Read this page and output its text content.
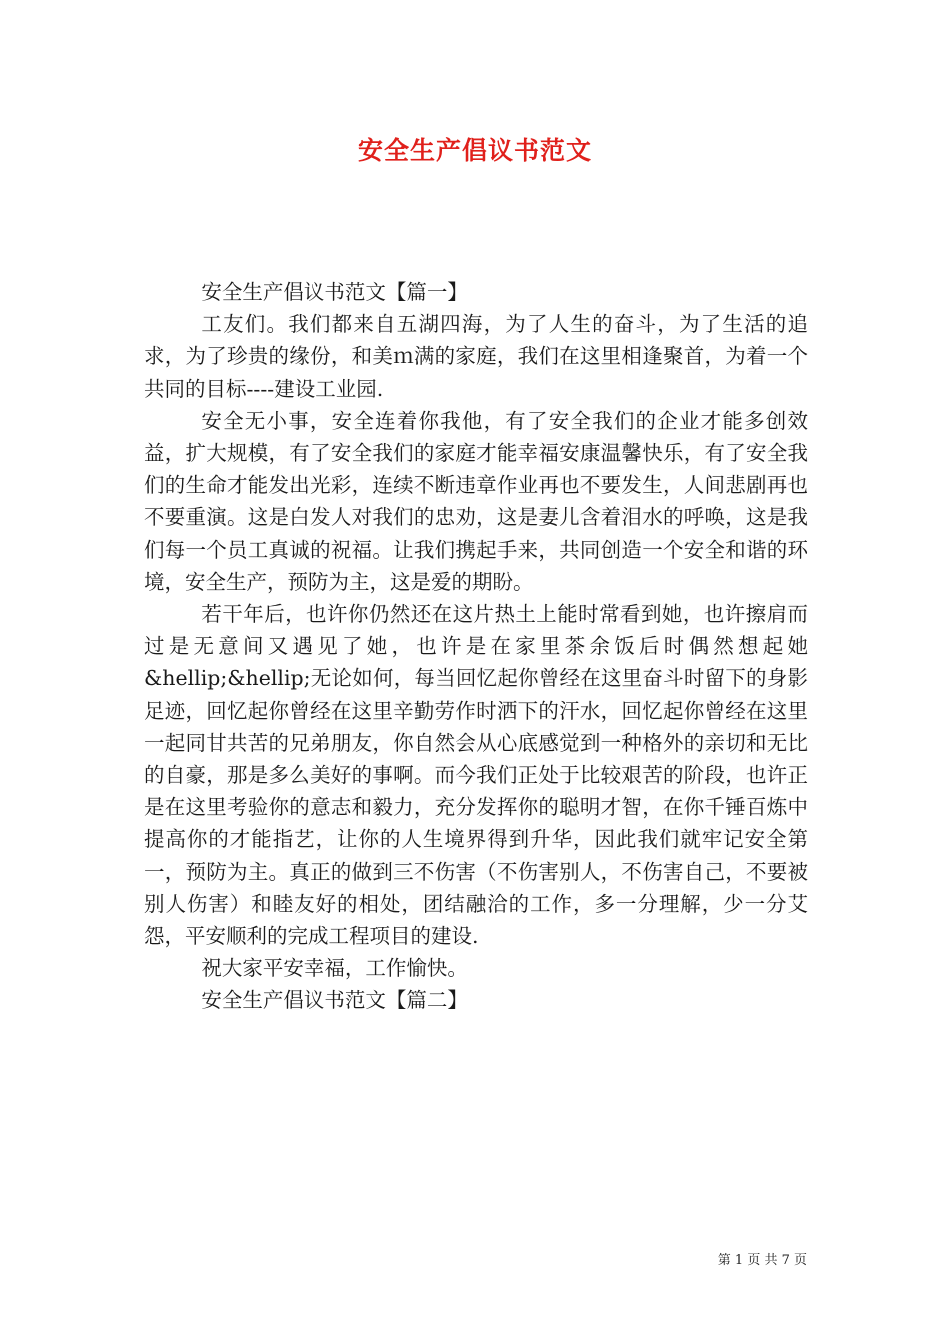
安全生产倡议书范文

安全生产倡议书范文【篇一】

工友们。我们都来自五湖四海，为了人生的奋斗，为了生活的追求，为了珍贵的缘份，和美ｍ满的家庭，我们在这里相逢聚首，为着一个共同的目标----建设工业园.

安全无小事，安全连着你我他，有了安全我们的企业才能多创效益，扩大规模，有了安全我们的家庭才能幸福安康温馨快乐，有了安全我们的生命才能发出光彩，连续不断违章作业再也不要发生，人间悲剧再也不要重演。这是白发人对我们的忠劝，这是妻儿含着泪水的呼唤，这是我们每一个员工真诚的祝福。让我们携起手来，共同创造一个安全和谐的环境，安全生产，预防为主，这是爱的期盼。

若干年后，也许你仍然还在这片热土上能时常看到她，也许擦肩而过是无意间又遇见了她，也许是在家里茶余饭后时偶然想起她&hellip;&hellip;无论如何，每当回忆起你曾经在这里奋斗时留下的身影足迹，回忆起你曾经在这里辛勤劳作时洒下的汗水，回忆起你曾经在这里一起同甘共苦的兄弟朋友，你自然会从心底感觉到一种格外的亲切和无比的自豪，那是多么美好的事啊。而今我们正处于比较艰苦的阶段，也许正是在这里考验你的意志和毅力，充分发挥你的聪明才智，在你千锤百炼中提高你的才能指艺，让你的人生境界得到升华，因此我们就牢记安全第一，预防为主。真正的做到三不伤害（不伤害别人，不伤害自己，不要被别人伤害）和睦友好的相处，团结融洽的工作，多一分理解，少一分艾怨，平安顺利的完成工程项目的建设.

祝大家平安幸福，工作愉快。

安全生产倡议书范文【篇二】

第 1 页 共 7 页
